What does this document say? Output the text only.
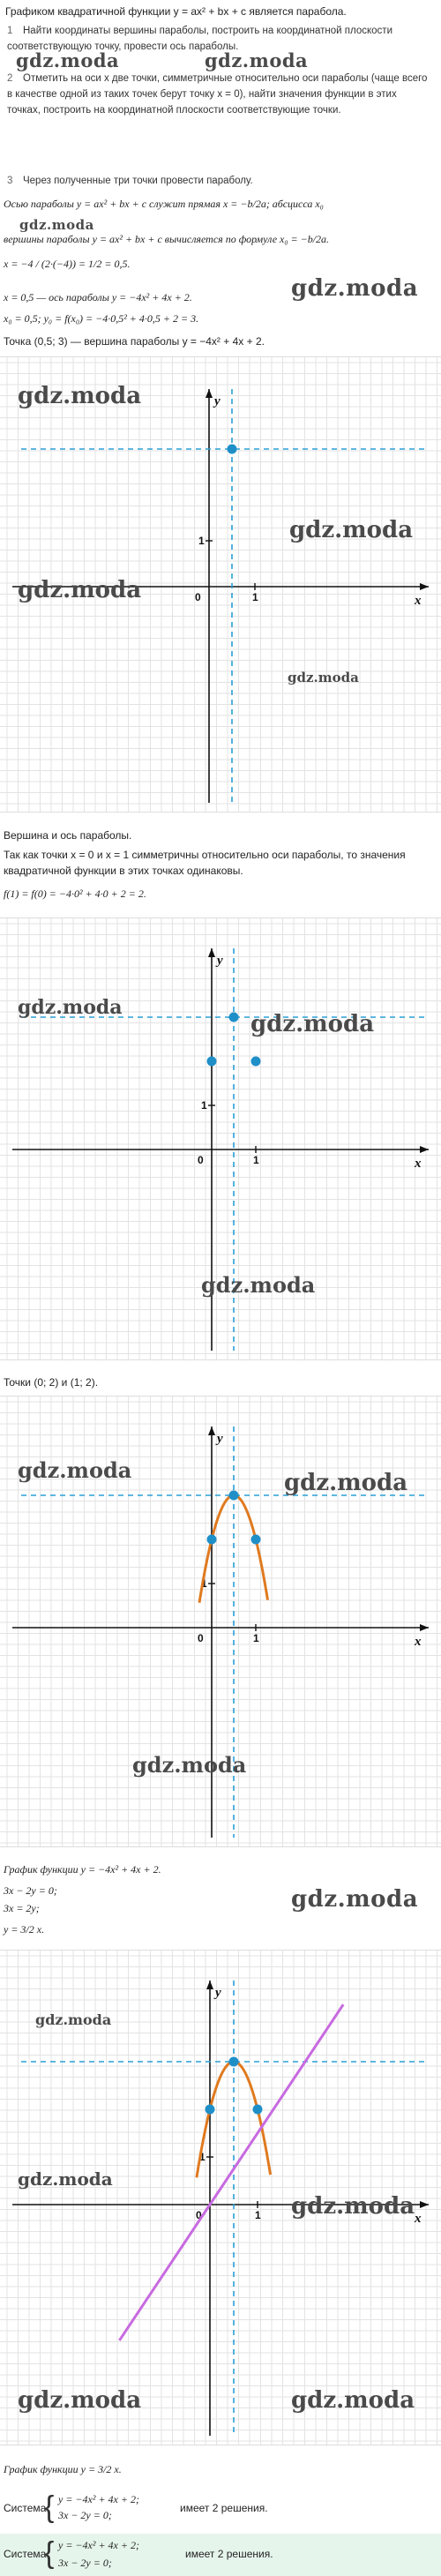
Графиком квадратичной функции y = ax² + bx + c является парабола.
1 Найти координаты вершины параболы, построить на координатной плоскости соответствующую точку, провести ось параболы.
2 Отметить на оси x две точки, симметричные относительно оси параболы (чаще всего в качестве одной из таких точек берут точку x = 0), найти значения функции в этих точках, построить на координатной плоскости соответствующие точки.
3 Через полученные три точки провести параболу.
gdz.moda	gdz.moda
Осью параболы y = ax² + bx + c служит прямая x = −b/2a; абсцисса x₀
gdz.moda
вершины параболы y = ax² + bx + c вычисляется по формуле x₀ = −b/2a.
x = −4 / (2·(−4)) = 1/2 = 0,5.
x = 0,5 — ось параболы y = −4x² + 4x + 2.
x₀ = 0,5; y₀ = f(x₀) = −4·0,5² + 4·0,5 + 2 = 3.
gdz.moda
Точка (0,5; 3) — вершина параболы y = −4x² + 4x + 2.
x
y
0	1
1
gdz.moda
gdz.moda
gdz.moda
gdz.moda
Вершина и ось параболы.
Так как точки x = 0 и x = 1 симметричны относительно оси параболы, то значения квадратичной функции в этих точках одинаковы.
f(1) = f(0) = −4·0² + 4·0 + 2 = 2.
x
y
0	1
1
gdz.moda
gdz.moda
gdz.moda
Точки (0; 2) и (1; 2).
x
y
0	1
1
gdz.moda	gdz.moda
gdz.moda
График функции y = −4x² + 4x + 2.
3x − 2y = 0;
3x = 2y;
y = 3/2 x.
gdz.moda
x
y
0	1
1
gdz.moda
gdz.moda
gdz.moda
gdz.moda	gdz.moda
График функции y = 3/2 x.
Система
{ y = −4x² + 4x + 2;
3x − 2y = 0;
имеет 2 решения.
Система
{ y = −4x² + 4x + 2;
3x − 2y = 0;
имеет 2 решения.
